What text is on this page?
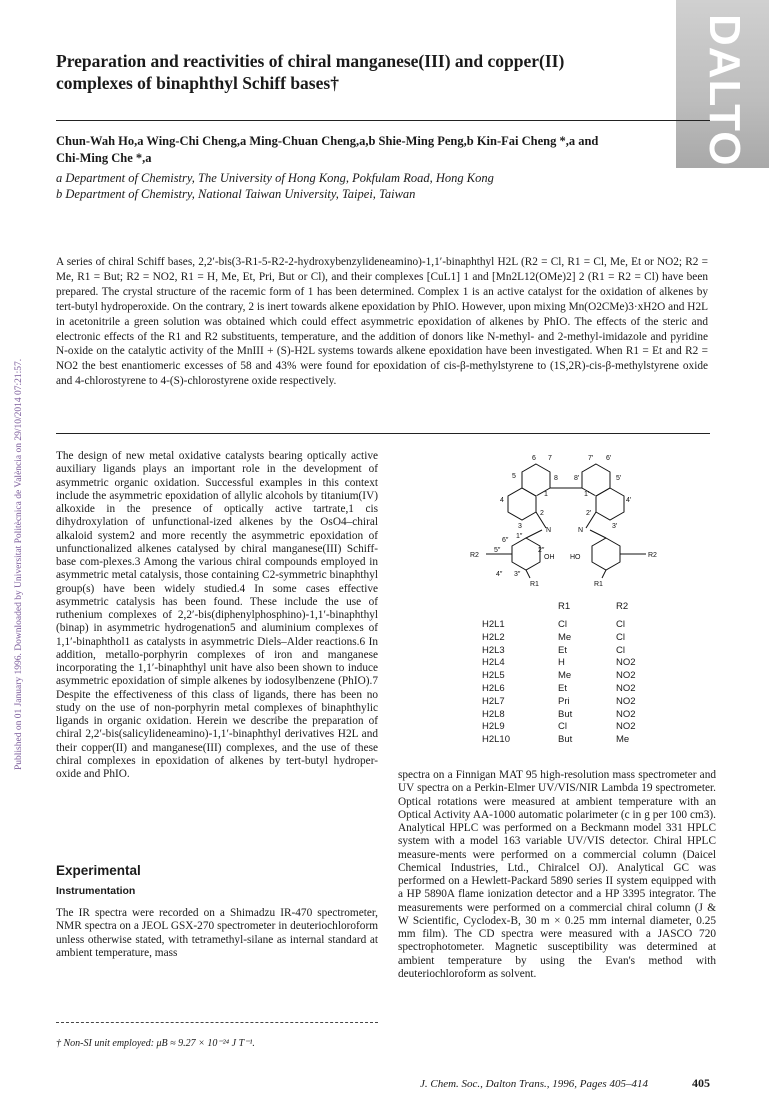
DALTON
Published on 01 January 1996. Downloaded by Universitat Politècnica de València on 29/10/2014 07:21:57.
Preparation and reactivities of chiral manganese(III) and copper(II)
complexes of binaphthyl Schiff bases†
Chun-Wah Ho,a Wing-Chi Cheng,a Ming-Chuan Cheng,a,b Shie-Ming Peng,b Kin-Fai Cheng *,a and
Chi-Ming Che *,a
a Department of Chemistry, The University of Hong Kong, Pokfulam Road, Hong Kong
b Department of Chemistry, National Taiwan University, Taipei, Taiwan
A series of chiral Schiff bases, 2,2′-bis(3-R1-5-R2-2-hydroxybenzylideneamino)-1,1′-binaphthyl H2L (R2 = Cl, R1 = Cl, Me, Et or NO2; R2 = Me, R1 = But; R2 = NO2, R1 = H, Me, Et, Pri, But or Cl), and their complexes [CuL1] 1 and [Mn2L12(OMe)2] 2 (R1 = R2 = Cl) have been prepared. The crystal structure of the racemic form of 1 has been determined. Complex 1 is an active catalyst for the oxidation of alkenes by tert-butyl hydroperoxide. On the contrary, 2 is inert towards alkene epoxidation by PhIO. However, upon mixing Mn(O2CMe)3·xH2O and H2L in acetonitrile a green solution was obtained which could effect asymmetric epoxidation of alkenes by PhIO. The effects of the steric and electronic effects of the R1 and R2 substituents, temperature, and the addition of donors like N-methyl- and 2-methyl-imidazole and pyridine N-oxide on the catalytic activity of the MnIII + (S)-H2L systems towards alkene epoxidation have been investigated. When R1 = Et and R2 = NO2 the best enantiomeric excesses of 58 and 43% were found for epoxidation of cis-β-methylstyrene to (1S,2R)-cis-β-methylstyrene oxide and 4-chlorostyrene to 4-(S)-chlorostyrene oxide respectively.
The design of new metal oxidative catalysts bearing optically active auxiliary ligands plays an important role in the development of asymmetric organic oxidation. Successful examples in this context include the asymmetric epoxidation of allylic alcohols by titanium(IV) alkoxide in the presence of optically active tartrate,1 cis dihydroxylation of unfunctional-ized alkenes by the OsO4–chiral alkaloid system2 and more recently the asymmetric epoxidation of unfunctionalized alkenes catalysed by chiral manganese(III) Schiff-base com-plexes.3 Among the various chiral compounds employed in asymmetric metal catalysis, those containing C2-symmetric binaphthyl group(s) have been widely studied.4 In some cases effective asymmetric catalysis has been found. These include the use of ruthenium complexes of 2,2′-bis(diphenylphosphino)-1,1′-binaphthyl (binap) in asymmetric hydrogenation5 and aluminium complexes of 1,1′-binaphthol1 as catalysts in asymmetric Diels–Alder reactions.6 In addition, metallo-porphyrin complexes of iron and manganese incorporating the 1,1′-binaphthyl unit have also been shown to induce asymmetric epoxidation of simple alkenes by iodosylbenzene (PhIO).7 Despite the effectiveness of this class of ligands, there has been no study on the use of non-porphyrin metal complexes of binaphthylic ligands in organic oxidation. Herein we describe the preparation of chiral 2,2′-bis(salicylideneamino)-1,1′-binaphthyl derivatives H2L and their copper(II) and manganese(III) complexes, and the use of these chiral complexes in epoxidation of alkenes by tert-butyl hydroper-oxide and PhIO.
Experimental
Instrumentation
The IR spectra were recorded on a Shimadzu IR-470 spectrometer, NMR spectra on a JEOL GSX-270 spectrometer in deuteriochloroform unless otherwise stated, with tetramethyl-silane as internal standard at ambient temperature, mass
† Non-SI unit employed: μB ≈ 9.27 × 10⁻²⁴ J T⁻¹.
6 7
5	8
4
1
2
3
7′ 6′
8′	5′
4′
1′
2′
3′
N	N
6″
1″
5″	2″
OH HO
R2	R2
4″ 3″
R1	R1
R1	R2
H2L1	Cl	Cl
H2L2	Me	Cl
H2L3	Et	Cl
H2L4	H	NO2
H2L5	Me	NO2
H2L6	Et	NO2
H2L7	Pri	NO2
H2L8	But	NO2
H2L9	Cl	NO2
H2L10	But	Me
spectra on a Finnigan MAT 95 high-resolution mass spectrometer and UV spectra on a Perkin-Elmer UV/VIS/NIR Lambda 19 spectrometer. Optical rotations were measured at ambient temperature with an Optical Activity AA-1000 automatic polarimeter (c in g per 100 cm3). Analytical HPLC was performed on a Beckmann model 331 HPLC system with a model 163 variable UV/VIS detector. Chiral HPLC measure-ments were performed on a commercial column (Daicel Chemical Industries, Ltd., Chiralcel OJ). Analytical GC was performed on a Hewlett-Packard 5890 series II system equipped with a HP 5890A flame ionization detector and a HP 3395 integrator. The measurements were performed on a commercial chiral column (J & W Scientific, Cyclodex-B, 30 m × 0.25 mm internal diameter, 0.25 mm film). The CD spectra were measured with a JASCO 720 spectrophotometer. Magnetic susceptibility was determined at ambient temperature by using the Evan's method with deuteriochloroform as solvent.
J. Chem. Soc., Dalton Trans., 1996, Pages 405–414	405
